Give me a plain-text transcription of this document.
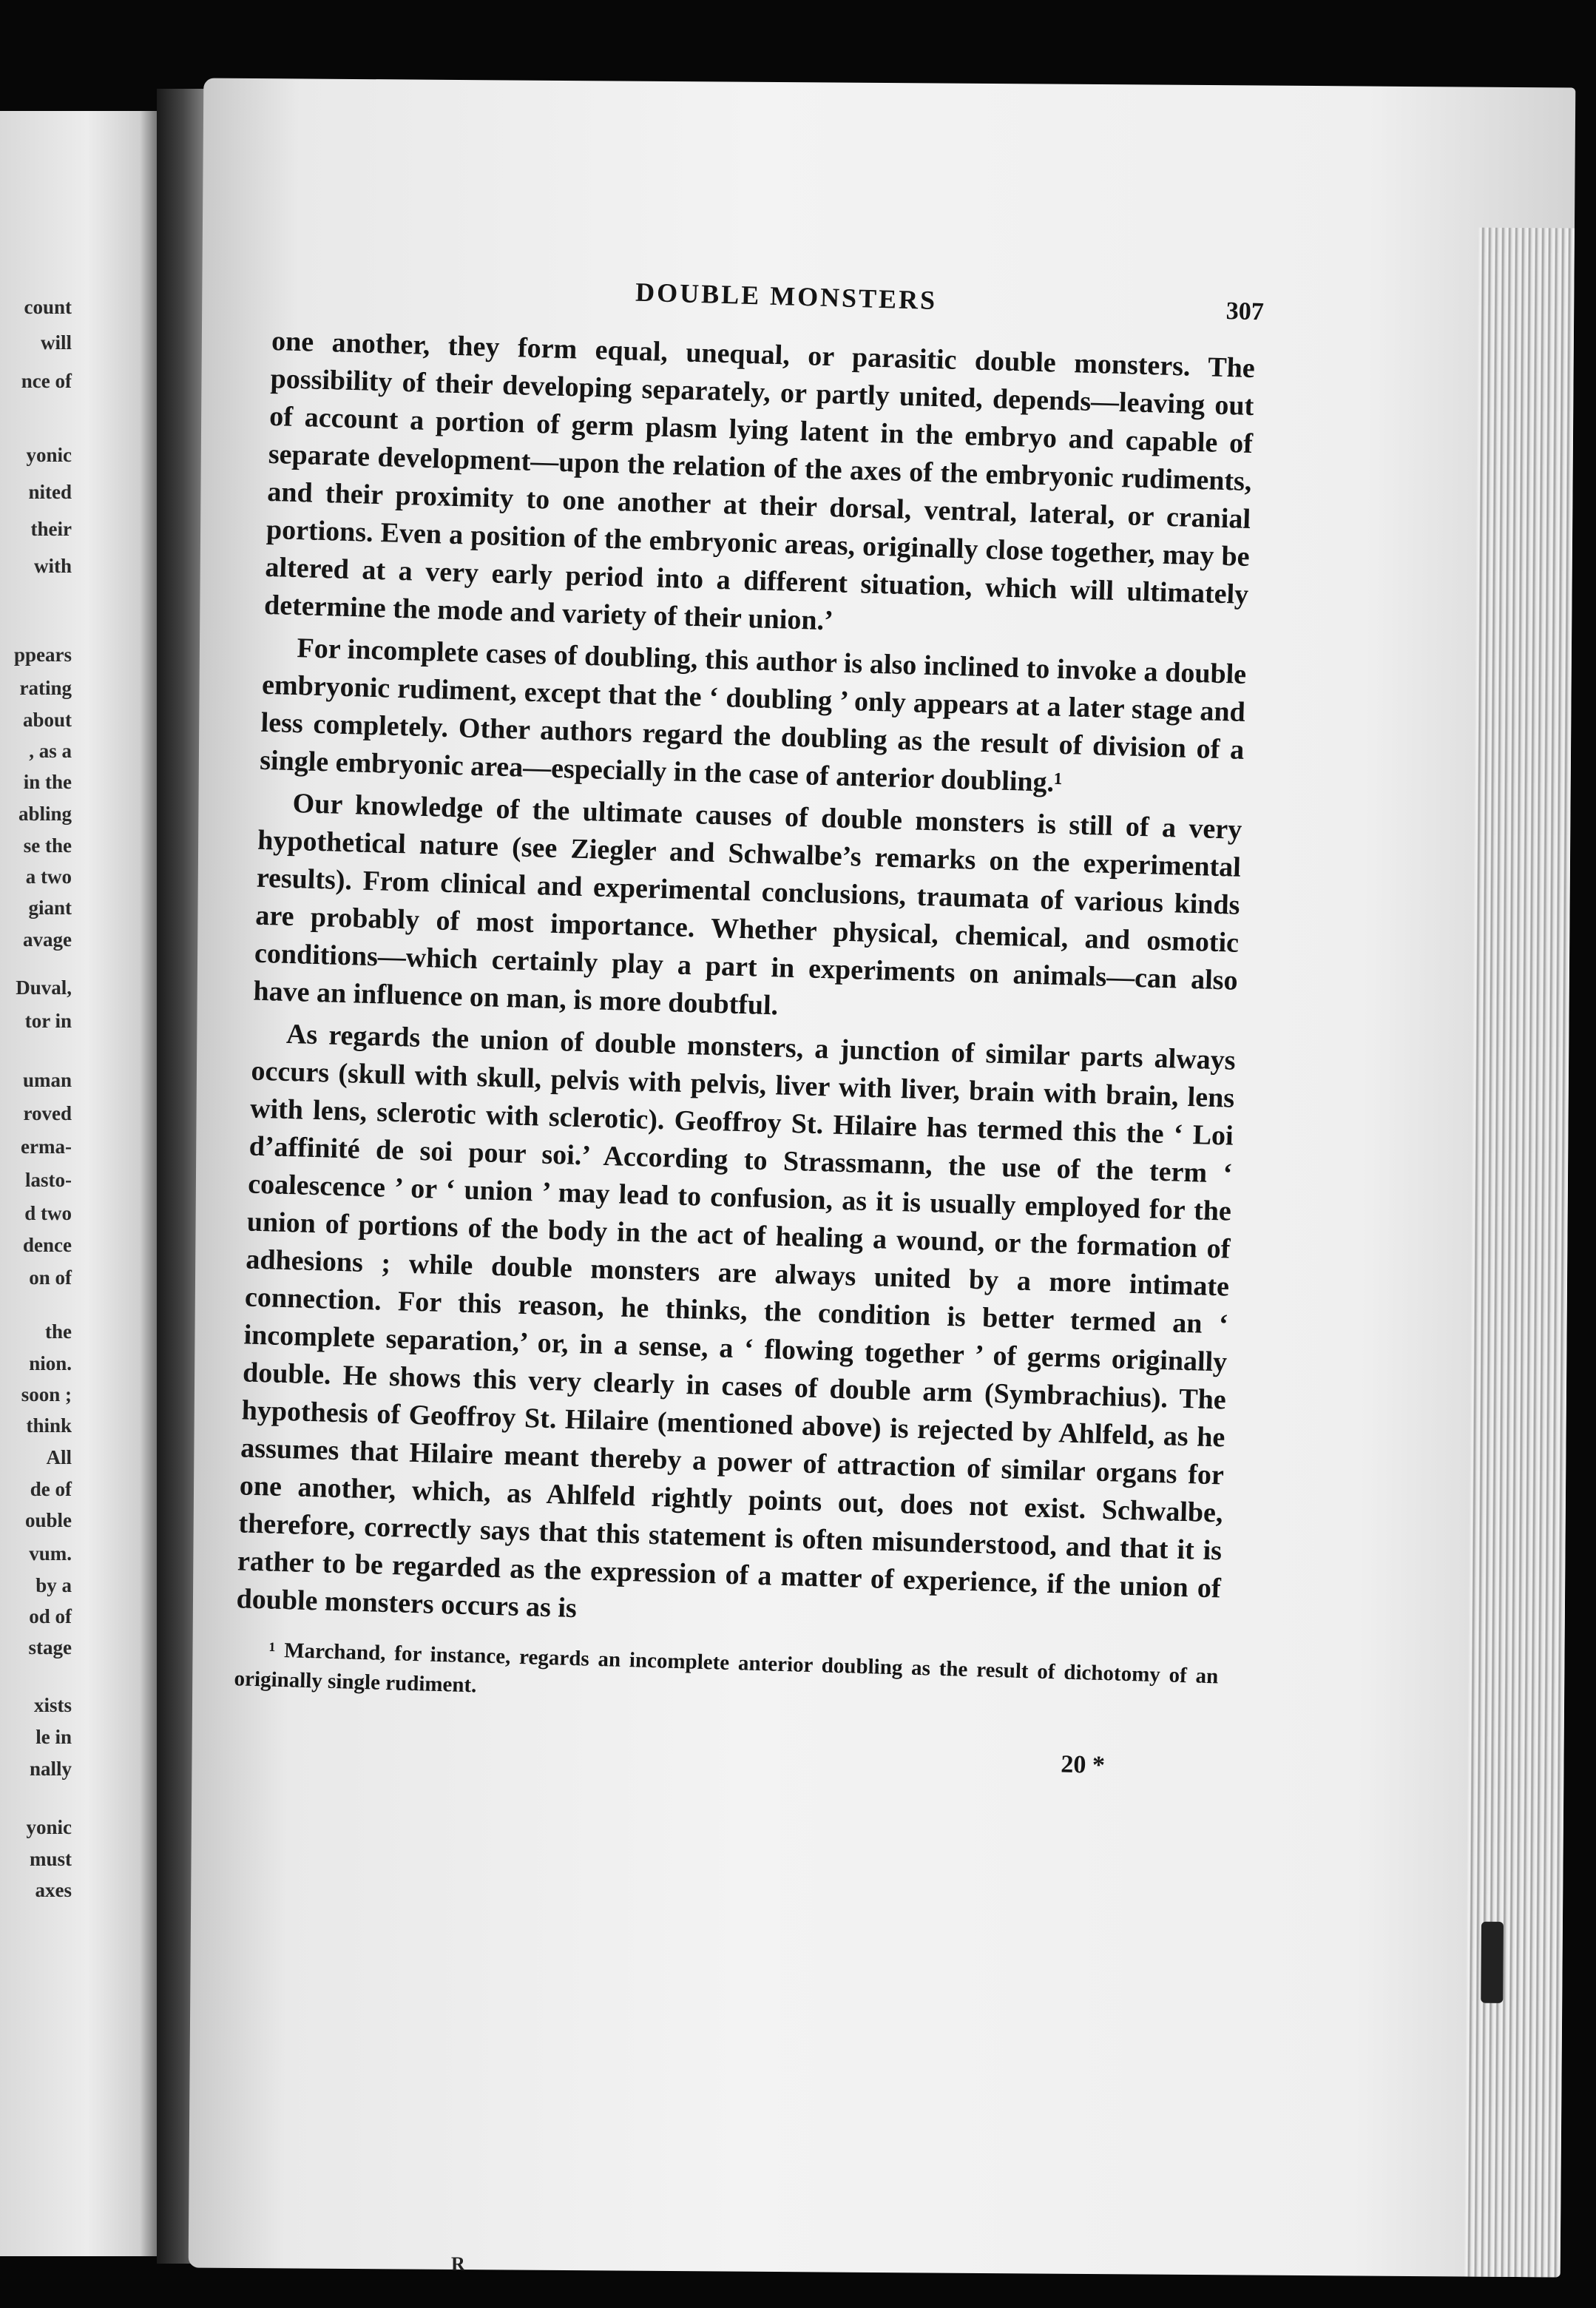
count
will
nce of
yonic
nited
their
with
ppears
rating
about
, as a
in the
abling
se the
a two
giant
avage
Duval,
tor in
uman
roved
erma-
lasto-
d two
dence
on of
the
nion.
soon ;
think
All
de of
ouble
vum.
by a
od of
stage
xists
le in
nally
yonic
must
axes
DOUBLE MONSTERS	307

one another, they form equal, unequal, or parasitic double monsters. The possibility of their developing separately, or partly united, depends—leaving out of account a portion of germ plasm lying latent in the embryo and capable of separate development—upon the relation of the axes of the embryonic rudiments, and their proximity to one another at their dorsal, ventral, lateral, or cranial portions. Even a position of the embryonic areas, originally close together, may be altered at a very early period into a different situation, which will ultimately determine the mode and variety of their union.’

For incomplete cases of doubling, this author is also inclined to invoke a double embryonic rudiment, except that the ‘ doubling ’ only appears at a later stage and less completely. Other authors regard the doubling as the result of division of a single embryonic area—especially in the case of anterior doubling.¹

Our knowledge of the ultimate causes of double monsters is still of a very hypothetical nature (see Ziegler and Schwalbe’s remarks on the experimental results). From clinical and experimental conclusions, traumata of various kinds are probably of most importance. Whether physical, chemical, and osmotic conditions—which certainly play a part in experiments on animals—can also have an influence on man, is more doubtful.

As regards the union of double monsters, a junction of similar parts always occurs (skull with skull, pelvis with pelvis, liver with liver, brain with brain, lens with lens, sclerotic with sclerotic). Geoffroy St. Hilaire has termed this the ‘ Loi d’affinité de soi pour soi.’ According to Strassmann, the use of the term ‘ coalescence ’ or ‘ union ’ may lead to confusion, as it is usually employed for the union of portions of the body in the act of healing a wound, or the formation of adhesions ; while double monsters are always united by a more intimate connection. For this reason, he thinks, the condition is better termed an ‘ incomplete separation,’ or, in a sense, a ‘ flowing together ’ of germs originally double. He shows this very clearly in cases of double arm (Symbrachius). The hypothesis of Geoffroy St. Hilaire (mentioned above) is rejected by Ahlfeld, as he assumes that Hilaire meant thereby a power of attraction of similar organs for one another, which, as Ahlfeld rightly points out, does not exist. Schwalbe, therefore, correctly says that this statement is often misunderstood, and that it is rather to be regarded as the expression of a matter of experience, if the union of double monsters occurs as is

¹ Marchand, for instance, regards an incomplete anterior doubling as the result of dichotomy of an originally single rudiment.
20 *
R
